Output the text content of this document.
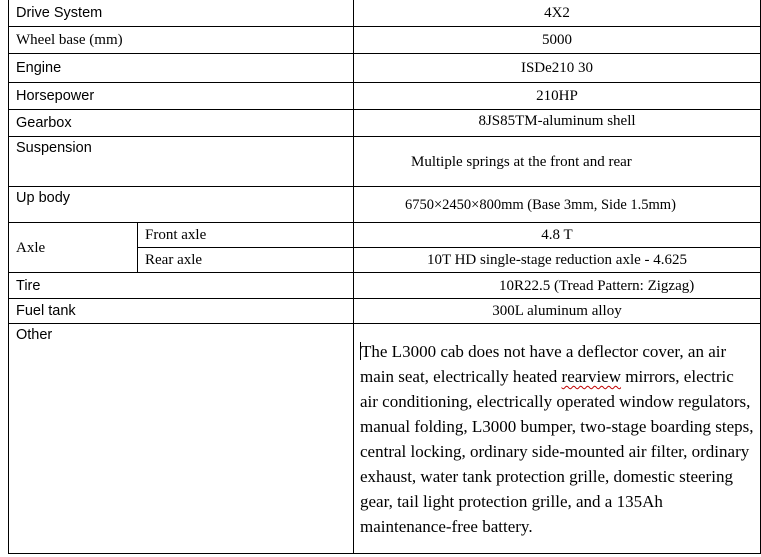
Drive System		4X2
Wheel base (mm)		5000
Engine		ISDe210 30
Horsepower		210HP
Gearbox		8JS85TM-aluminum shell
Suspension		Multiple springs at the front and rear
Up body		6750×2450×800mm (Base 3mm, Side 1.5mm)
Axle	Front axle	4.8 T
	Rear axle	10T HD single-stage reduction axle - 4.625
Tire		10R22.5 (Tread Pattern: Zigzag)
Fuel tank		300L aluminum alloy
Other		The L3000 cab does not have a deflector cover, an air main seat, electrically heated rearview mirrors, electric air conditioning, electrically operated window regulators, manual folding, L3000 bumper, two-stage boarding steps, central locking, ordinary side-mounted air filter, ordinary exhaust, water tank protection grille, domestic steering gear, tail light protection grille, and a 135Ah maintenance-free battery.
